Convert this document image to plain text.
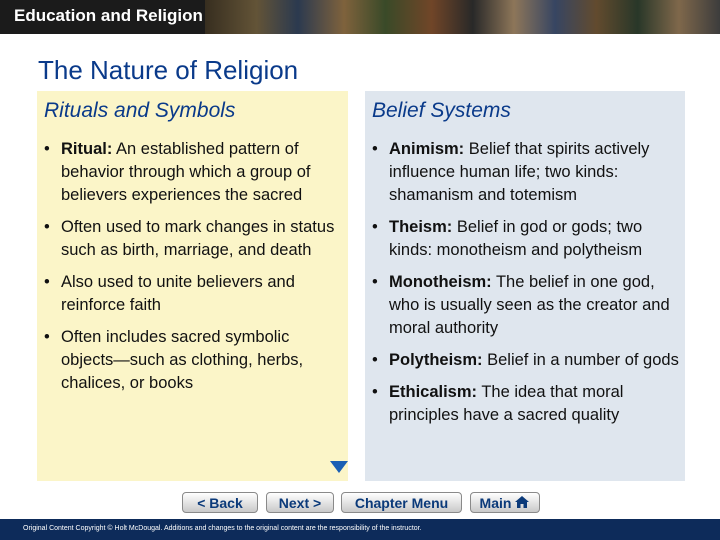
Education and Religion
The Nature of Religion
Rituals and Symbols
• Ritual: An established pattern of behavior through which a group of believers experiences the sacred
• Often used to mark changes in status such as birth, marriage, and death
• Also used to unite believers and reinforce faith
• Often includes sacred symbolic objects—such as clothing, herbs, chalices, or books
Belief Systems
• Animism: Belief that spirits actively influence human life; two kinds: shamanism and totemism
• Theism: Belief in god or gods; two kinds: monotheism and polytheism
• Monotheism: The belief in one god, who is usually seen as the creator and moral authority
• Polytheism: Belief in a number of gods
• Ethicalism: The idea that moral principles have a sacred quality
< Back	Next >	Chapter Menu	Main
Original Content Copyright © Holt McDougal. Additions and changes to the original content are the responsibility of the instructor.
